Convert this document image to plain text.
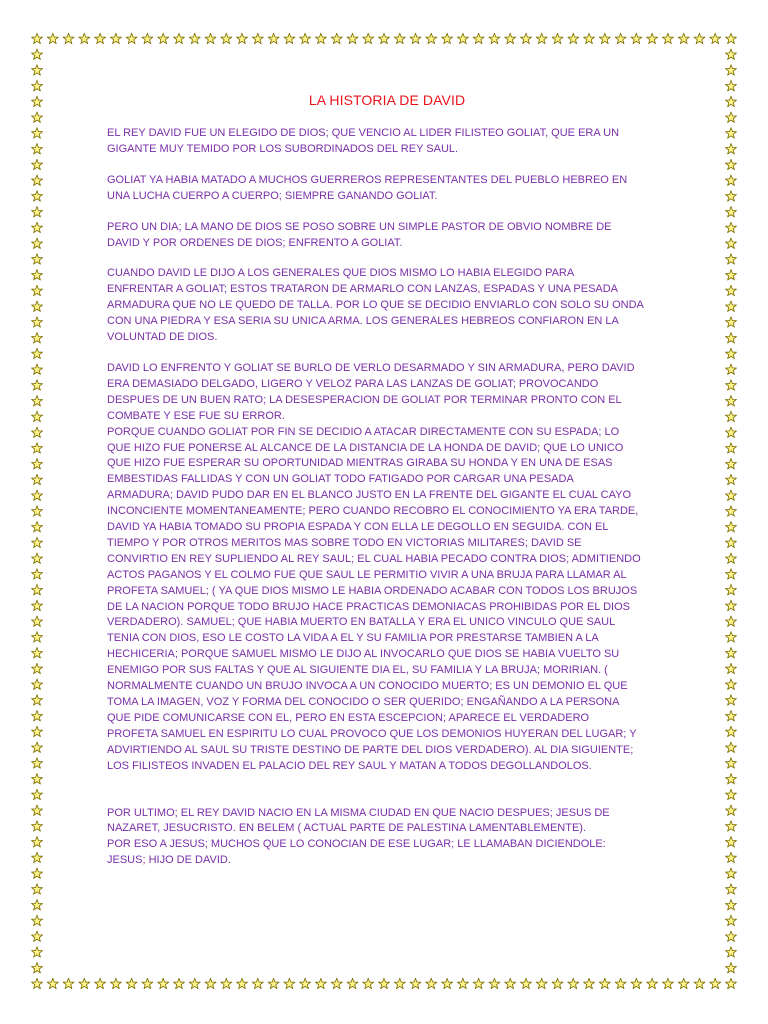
LA HISTORIA DE DAVID

EL REY DAVID FUE UN ELEGIDO DE DIOS; QUE VENCIO AL LIDER FILISTEO GOLIAT, QUE ERA UN
GIGANTE MUY TEMIDO POR LOS SUBORDINADOS DEL REY SAUL.

GOLIAT YA HABIA MATADO A MUCHOS GUERREROS REPRESENTANTES DEL PUEBLO HEBREO EN
UNA LUCHA CUERPO A CUERPO; SIEMPRE GANANDO GOLIAT.

PERO UN DIA; LA MANO DE DIOS SE POSO SOBRE UN SIMPLE PASTOR DE OBVIO NOMBRE DE
DAVID Y POR ORDENES DE DIOS; ENFRENTO A GOLIAT.

CUANDO DAVID LE DIJO A LOS GENERALES QUE DIOS MISMO LO HABIA ELEGIDO PARA
ENFRENTAR A GOLIAT; ESTOS TRATARON DE ARMARLO CON LANZAS, ESPADAS Y UNA PESADA
ARMADURA QUE NO LE QUEDO DE TALLA. POR LO QUE SE DECIDIO ENVIARLO CON SOLO SU ONDA
CON UNA PIEDRA Y ESA SERIA SU UNICA ARMA. LOS GENERALES HEBREOS CONFIARON EN LA
VOLUNTAD DE DIOS.

DAVID LO ENFRENTO Y GOLIAT SE BURLO DE VERLO DESARMADO Y SIN ARMADURA, PERO DAVID
ERA DEMASIADO DELGADO, LIGERO Y VELOZ PARA LAS LANZAS DE GOLIAT; PROVOCANDO
DESPUES DE UN BUEN RATO; LA DESESPERACION DE GOLIAT POR TERMINAR PRONTO CON EL
COMBATE Y ESE FUE SU ERROR.
PORQUE CUANDO GOLIAT POR FIN SE DECIDIO A ATACAR DIRECTAMENTE CON SU ESPADA; LO
QUE HIZO FUE PONERSE AL ALCANCE DE LA DISTANCIA DE LA HONDA DE DAVID; QUE LO UNICO
QUE HIZO FUE ESPERAR SU OPORTUNIDAD MIENTRAS GIRABA SU HONDA Y EN UNA DE ESAS
EMBESTIDAS FALLIDAS Y CON UN GOLIAT TODO FATIGADO POR CARGAR UNA PESADA
ARMADURA; DAVID PUDO DAR EN EL BLANCO JUSTO EN LA FRENTE DEL GIGANTE EL CUAL CAYO
INCONCIENTE MOMENTANEAMENTE; PERO CUANDO RECOBRO EL CONOCIMIENTO YA ERA TARDE,
DAVID YA HABIA TOMADO SU PROPIA ESPADA Y CON ELLA LE DEGOLLO EN SEGUIDA. CON EL
TIEMPO Y POR OTROS MERITOS MAS SOBRE TODO EN VICTORIAS MILITARES; DAVID SE
CONVIRTIO EN REY SUPLIENDO AL REY SAUL; EL CUAL HABIA PECADO CONTRA DIOS; ADMITIENDO
ACTOS PAGANOS Y EL COLMO FUE QUE SAUL LE PERMITIO VIVIR A UNA BRUJA PARA LLAMAR AL
PROFETA SAMUEL; ( YA QUE DIOS MISMO LE HABIA ORDENADO ACABAR CON TODOS LOS BRUJOS
DE LA NACION PORQUE TODO BRUJO HACE PRACTICAS DEMONIACAS PROHIBIDAS POR EL DIOS
VERDADERO). SAMUEL; QUE HABIA MUERTO EN BATALLA Y ERA EL UNICO VINCULO QUE SAUL
TENIA CON DIOS, ESO LE COSTO LA VIDA A EL Y SU FAMILIA POR PRESTARSE TAMBIEN A LA
HECHICERIA; PORQUE SAMUEL MISMO LE DIJO AL INVOCARLO QUE DIOS SE HABIA VUELTO SU
ENEMIGO POR SUS FALTAS Y QUE AL SIGUIENTE DIA EL, SU FAMILIA Y LA BRUJA; MORIRIAN. (
NORMALMENTE CUANDO UN BRUJO INVOCA A UN CONOCIDO MUERTO; ES UN DEMONIO EL QUE
TOMA LA IMAGEN, VOZ Y FORMA DEL CONOCIDO O SER QUERIDO; ENGAÑANDO A LA PERSONA
QUE PIDE COMUNICARSE CON EL, PERO EN ESTA ESCEPCION; APARECE EL VERDADERO
PROFETA SAMUEL EN ESPIRITU LO CUAL PROVOCO QUE LOS DEMONIOS HUYERAN DEL LUGAR; Y
ADVIRTIENDO AL SAUL SU TRISTE DESTINO DE PARTE DEL DIOS VERDADERO). AL DIA SIGUIENTE;
LOS FILISTEOS INVADEN EL PALACIO DEL REY SAUL Y MATAN A TODOS DEGOLLANDOLOS.

POR ULTIMO; EL REY DAVID NACIO EN LA MISMA CIUDAD EN QUE NACIO DESPUES; JESUS DE
NAZARET, JESUCRISTO. EN BELEM ( ACTUAL PARTE DE PALESTINA LAMENTABLEMENTE).
POR ESO A JESUS; MUCHOS QUE LO CONOCIAN DE ESE LUGAR; LE LLAMABAN DICIENDOLE:
JESUS; HIJO DE DAVID.
